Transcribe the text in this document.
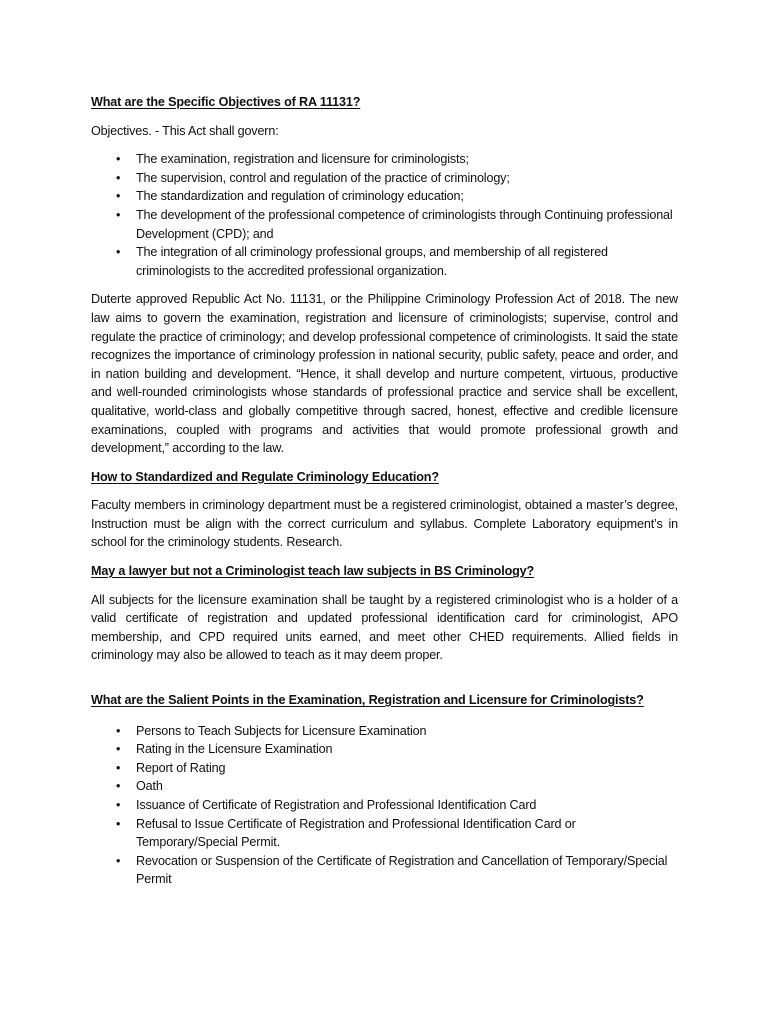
What are the Specific Objectives of RA 11131?

Objectives. - This Act shall govern:

• The examination, registration and licensure for criminologists;
• The supervision, control and regulation of the practice of criminology;
• The standardization and regulation of criminology education;
• The development of the professional competence of criminologists through Continuing professional Development (CPD); and
• The integration of all criminology professional groups, and membership of all registered criminologists to the accredited professional organization.

Duterte approved Republic Act No. 11131, or the Philippine Criminology Profession Act of 2018. The new law aims to govern the examination, registration and licensure of criminologists; supervise, control and regulate the practice of criminology; and develop professional competence of criminologists. It said the state recognizes the importance of criminology profession in national security, public safety, peace and order, and in nation building and development. “Hence, it shall develop and nurture competent, virtuous, productive and well-rounded criminologists whose standards of professional practice and service shall be excellent, qualitative, world-class and globally competitive through sacred, honest, effective and credible licensure examinations, coupled with programs and activities that would promote professional growth and development,” according to the law.

How to Standardized and Regulate Criminology Education?

Faculty members in criminology department must be a registered criminologist, obtained a master’s degree, Instruction must be align with the correct curriculum and syllabus. Complete Laboratory equipment’s in school for the criminology students. Research.

May a lawyer but not a Criminologist teach law subjects in BS Criminology?

All subjects for the licensure examination shall be taught by a registered criminologist who is a holder of a valid certificate of registration and updated professional identification card for criminologist, APO membership, and CPD required units earned, and meet other CHED requirements. Allied fields in criminology may also be allowed to teach as it may deem proper.

What are the Salient Points in the Examination, Registration and Licensure for Criminologists?

• Persons to Teach Subjects for Licensure Examination
• Rating in the Licensure Examination
• Report of Rating
• Oath
• Issuance of Certificate of Registration and Professional Identification Card
• Refusal to Issue Certificate of Registration and Professional Identification Card or Temporary/Special Permit.
• Revocation or Suspension of the Certificate of Registration and Cancellation of Temporary/Special Permit
